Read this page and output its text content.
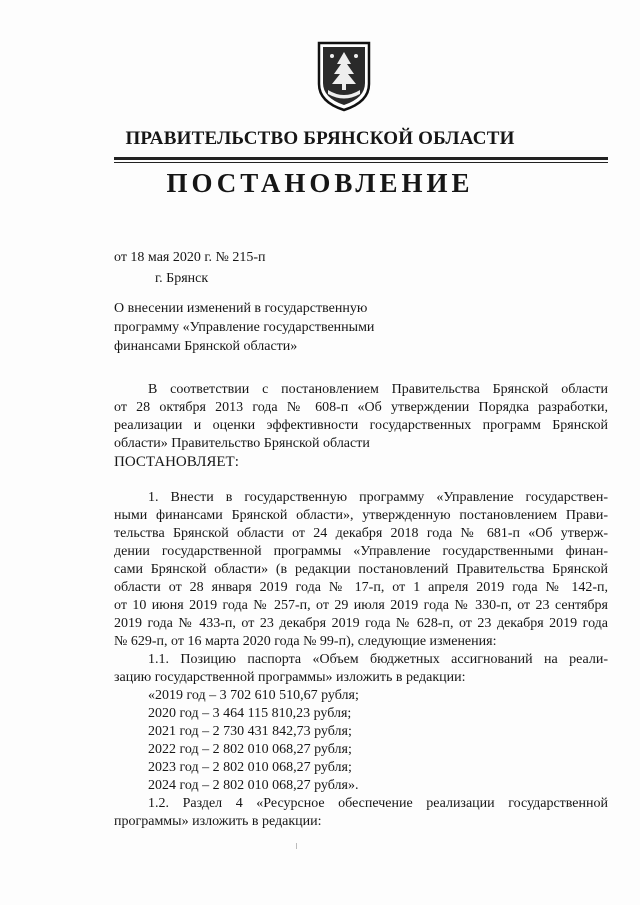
ПРАВИТЕЛЬСТВО БРЯНСКОЙ ОБЛАСТИ
ПОСТАНОВЛЕНИЕ
от 18 мая 2020 г. № 215-п
г. Брянск
О внесении изменений в государственную
программу «Управление государственными
финансами Брянской области»
В соответствии с постановлением Правительства Брянской области
от 28 октября 2013 года № 608-п «Об утверждении Порядка разработки,
реализации и оценки эффективности государственных программ Брянской
области» Правительство Брянской области
ПОСТАНОВЛЯЕТ:
1. Внести в государственную программу «Управление государствен-
ными финансами Брянской области», утвержденную постановлением Прави-
тельства Брянской области от 24 декабря 2018 года № 681-п «Об утверж-
дении государственной программы «Управление государственными финан-
сами Брянской области» (в редакции постановлений Правительства Брянской
области от 28 января 2019 года № 17-п, от 1 апреля 2019 года № 142-п,
от 10 июня 2019 года № 257-п, от 29 июля 2019 года № 330-п, от 23 сентября
2019 года № 433-п, от 23 декабря 2019 года № 628-п, от 23 декабря 2019 года
№ 629-п, от 16 марта 2020 года № 99-п), следующие изменения:
1.1. Позицию паспорта «Объем бюджетных ассигнований на реали-
зацию государственной программы» изложить в редакции:
«2019 год – 3 702 610 510,67 рубля;
2020 год – 3 464 115 810,23 рубля;
2021 год – 2 730 431 842,73 рубля;
2022 год – 2 802 010 068,27 рубля;
2023 год – 2 802 010 068,27 рубля;
2024 год – 2 802 010 068,27 рубля».
1.2. Раздел 4 «Ресурсное обеспечение реализации государственной
программы» изложить в редакции:
